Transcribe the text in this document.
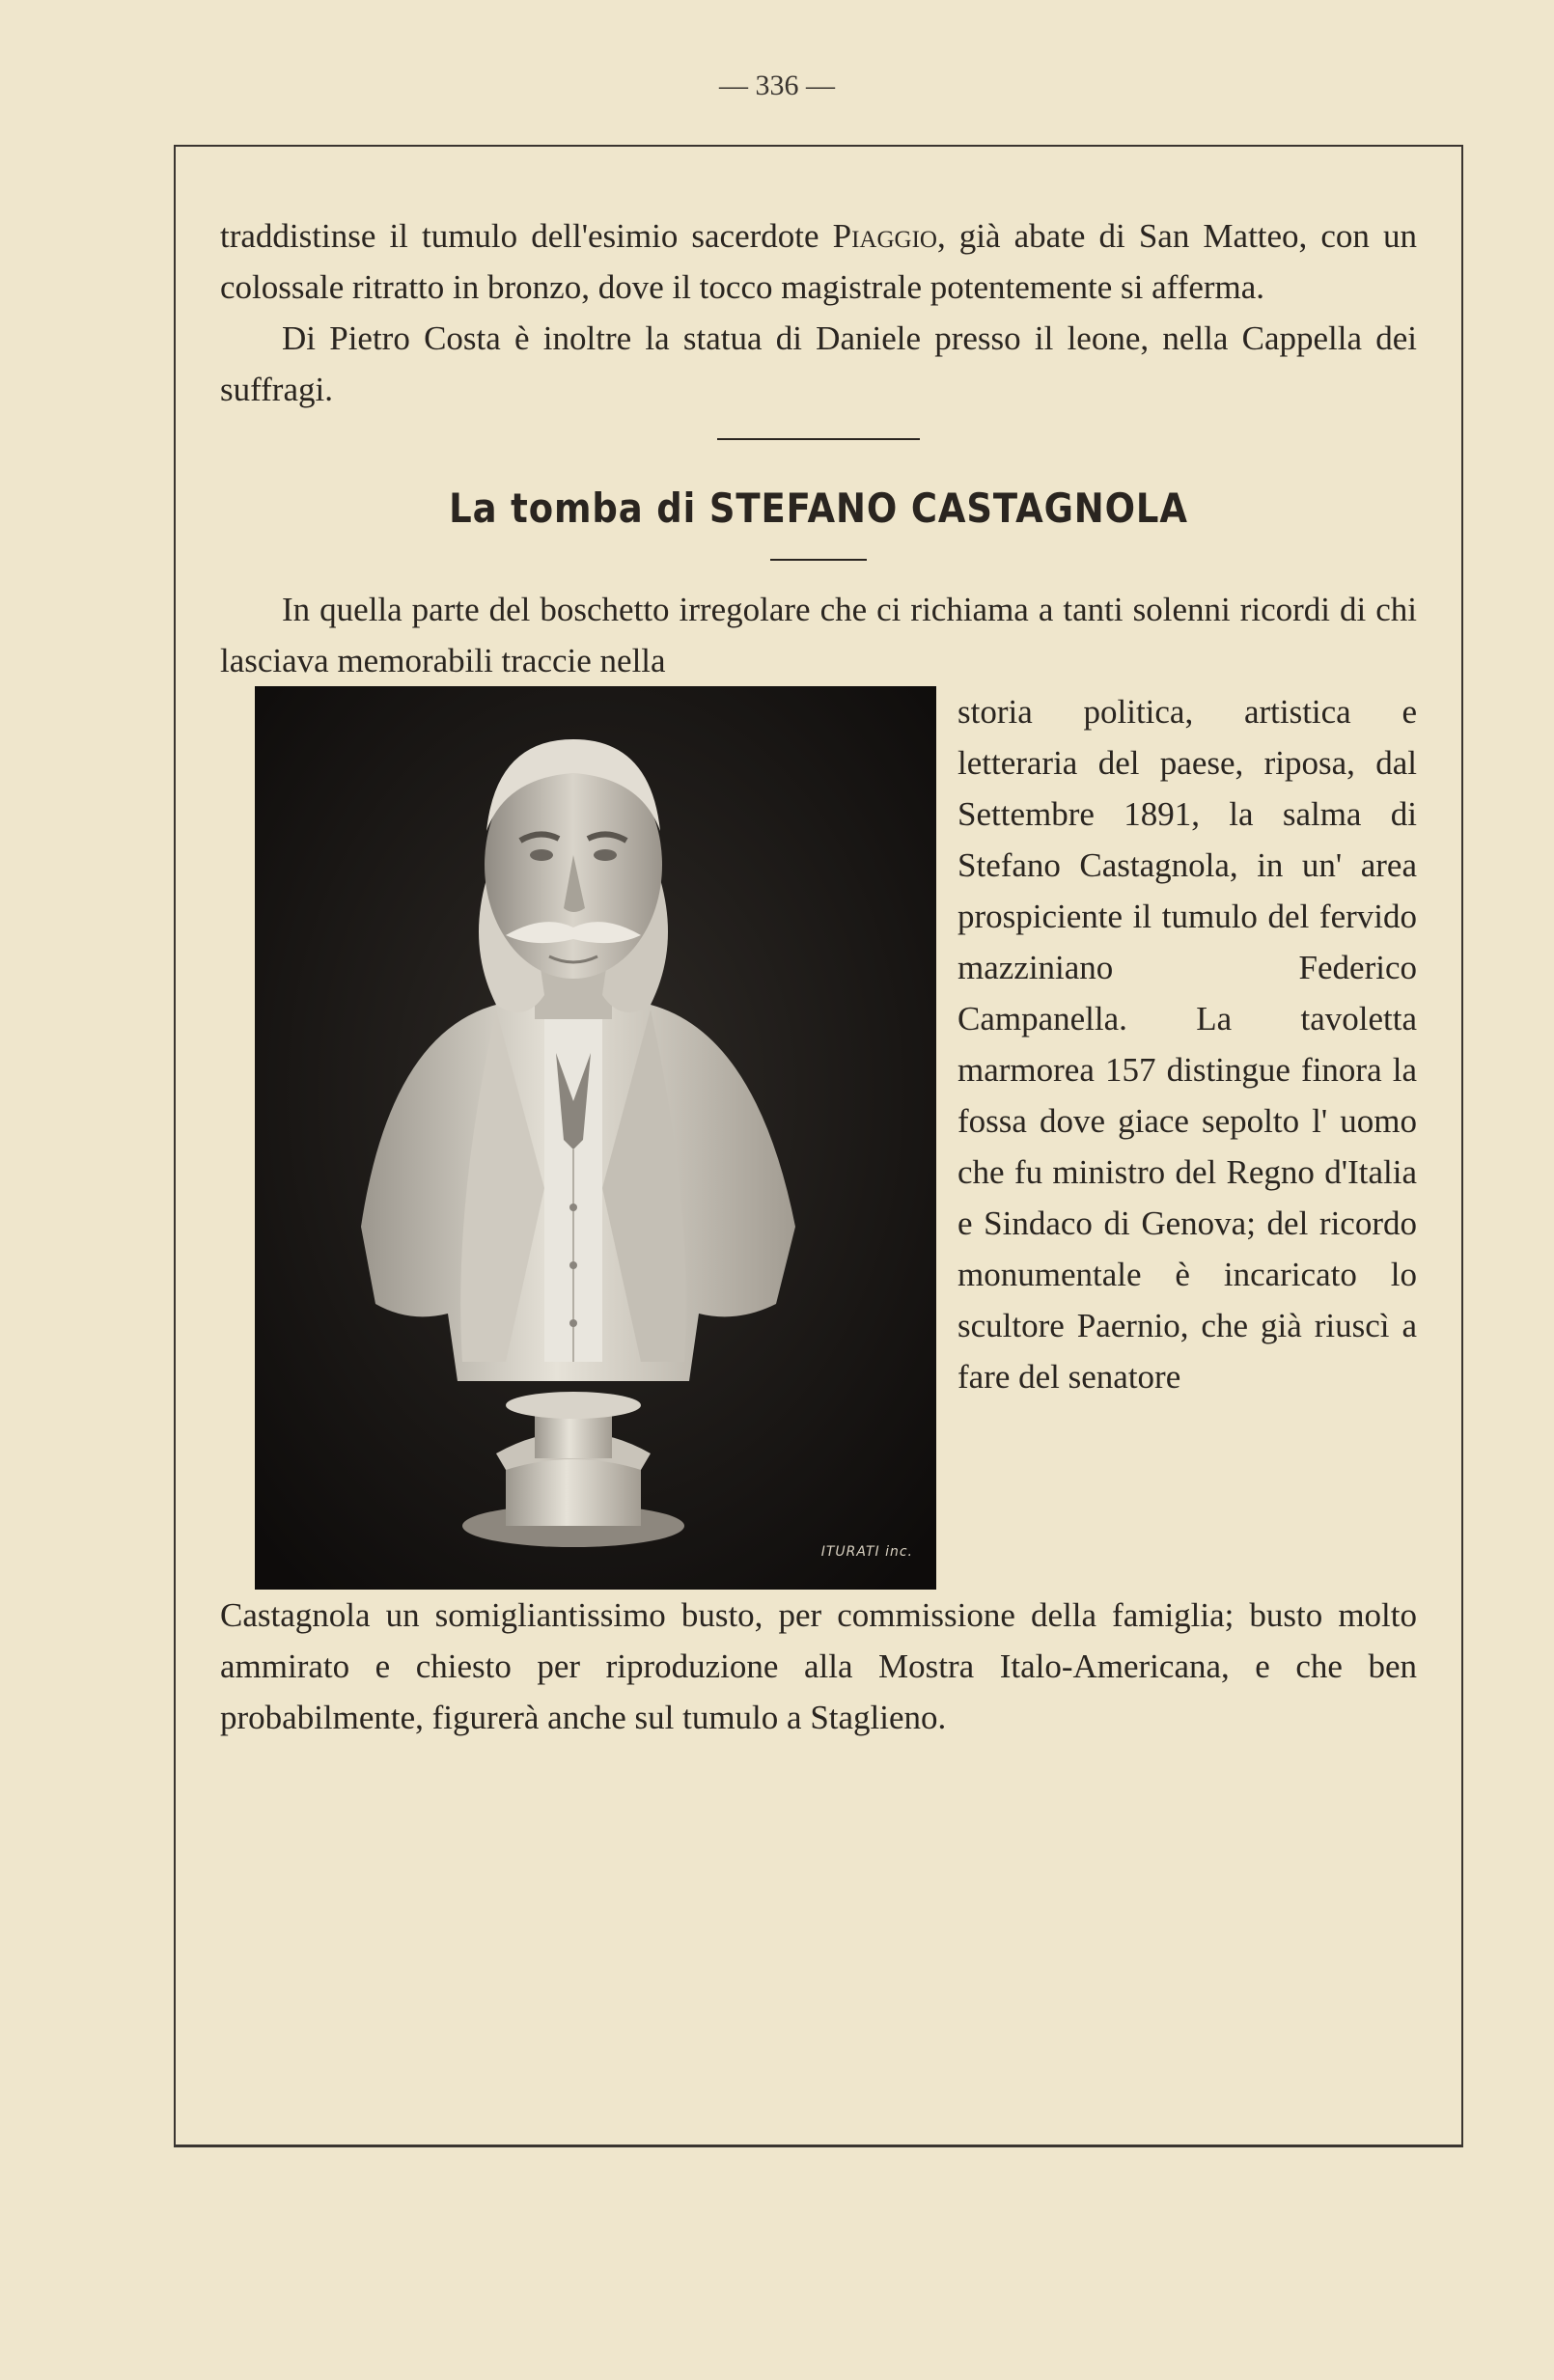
— 336 —

traddistinse il tumulo dell'esimio sacerdote Piaggio, già abate di San Matteo, con un colossale ritratto in bronzo, dove il tocco magistrale potentemente si afferma.

Di Pietro Costa è inoltre la statua di Daniele presso il leone, nella Cappella dei suffragi.

La tomba di STEFANO CASTAGNOLA

In quella parte del boschetto irregolare che ci richiama a tanti solenni ricordi di chi lasciava memorabili traccie nella

ITURATI inc.

storia politica, artistica e letteraria del paese, riposa, dal Settembre 1891, la salma di Stefano Castagnola, in un' area prospiciente il tumulo del fervido mazziniano Federico Campanella. La tavoletta marmorea 157 distingue finora la fossa dove giace sepolto l' uomo che fu ministro del Regno d'Italia e Sindaco di Genova; del ricordo monumentale è incaricato lo scultore Paernio, che già riuscì a fare del senatore

Castagnola un somigliantissimo busto, per commissione della famiglia; busto molto ammirato e chiesto per riproduzione alla Mostra Italo-Americana, e che ben probabilmente, figurerà anche sul tumulo a Staglieno.
